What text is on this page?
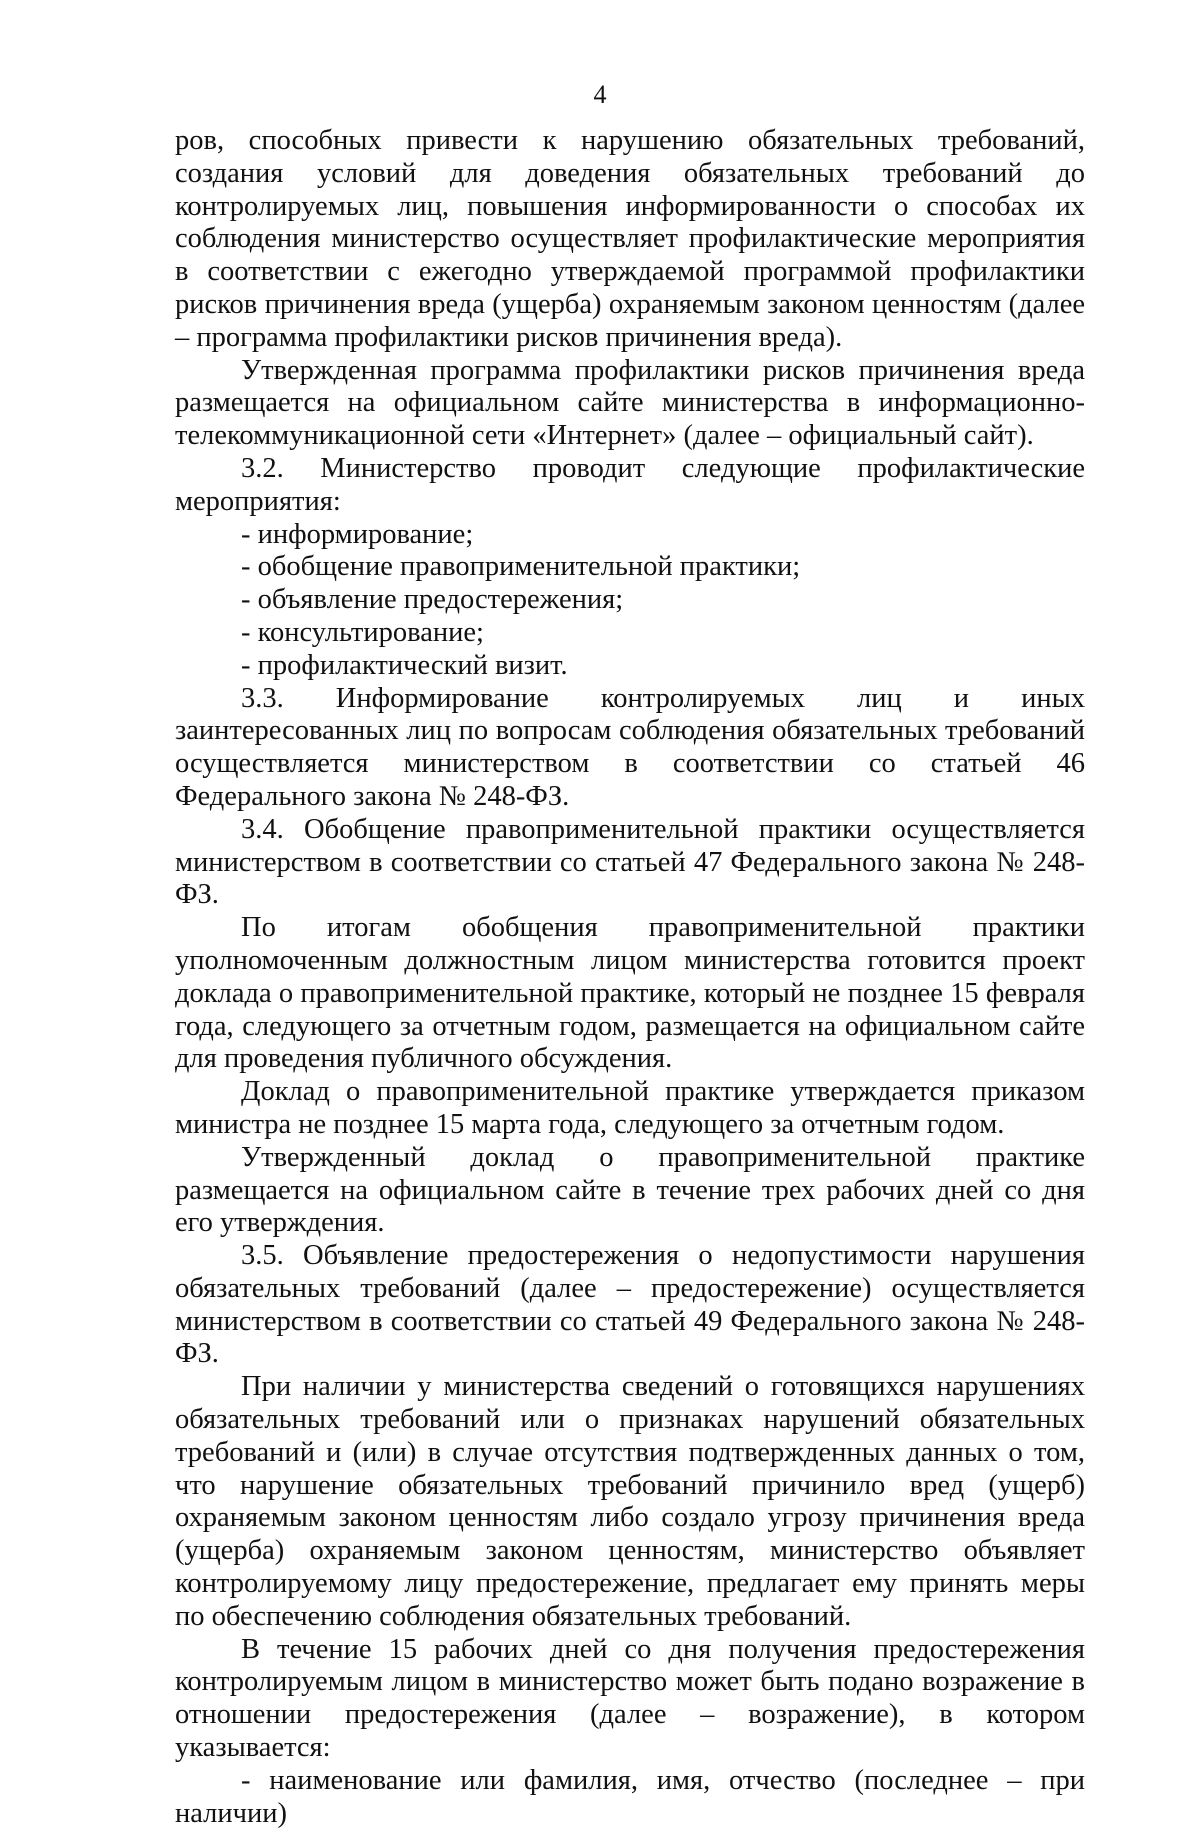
4

ров, способных привести к нарушению обязательных требований, создания условий для доведения обязательных требований до контролируемых лиц, повышения информированности о способах их соблюдения министерство осуществляет профилактические мероприятия в соответствии с ежегодно утверждаемой программой профилактики рисков причинения вреда (ущерба) охраняемым законом ценностям (далее – программа профилактики рисков причинения вреда).

Утвержденная программа профилактики рисков причинения вреда размещается на официальном сайте министерства в информационно-телекоммуникационной сети «Интернет» (далее – официальный сайт).

3.2. Министерство проводит следующие профилактические мероприятия:

- информирование;

- обобщение правоприменительной практики;

- объявление предостережения;

- консультирование;

- профилактический визит.

3.3. Информирование контролируемых лиц и иных заинтересованных лиц по вопросам соблюдения обязательных требований осуществляется министерством в соответствии со статьей 46 Федерального закона № 248-ФЗ.

3.4. Обобщение правоприменительной практики осуществляется министерством в соответствии со статьей 47 Федерального закона № 248-ФЗ.

По итогам обобщения правоприменительной практики уполномоченным должностным лицом министерства готовится проект доклада о правоприменительной практике, который не позднее 15 февраля года, следующего за отчетным годом, размещается на официальном сайте для проведения публичного обсуждения.

Доклад о правоприменительной практике утверждается приказом министра не позднее 15 марта года, следующего за отчетным годом.

Утвержденный доклад о правоприменительной практике размещается на официальном сайте в течение трех рабочих дней со дня его утверждения.

3.5. Объявление предостережения о недопустимости нарушения обязательных требований (далее – предостережение) осуществляется министерством в соответствии со статьей 49 Федерального закона № 248-ФЗ.

При наличии у министерства сведений о готовящихся нарушениях обязательных требований или о признаках нарушений обязательных требований и (или) в случае отсутствия подтвержденных данных о том, что нарушение обязательных требований причинило вред (ущерб) охраняемым законом ценностям либо создало угрозу причинения вреда (ущерба) охраняемым законом ценностям, министерство объявляет контролируемому лицу предостережение, предлагает ему принять меры по обеспечению соблюдения обязательных требований.

В течение 15 рабочих дней со дня получения предостережения контролируемым лицом в министерство может быть подано возражение в отношении предостережения (далее – возражение), в котором указывается:

- наименование или фамилия, имя, отчество (последнее – при наличии)
